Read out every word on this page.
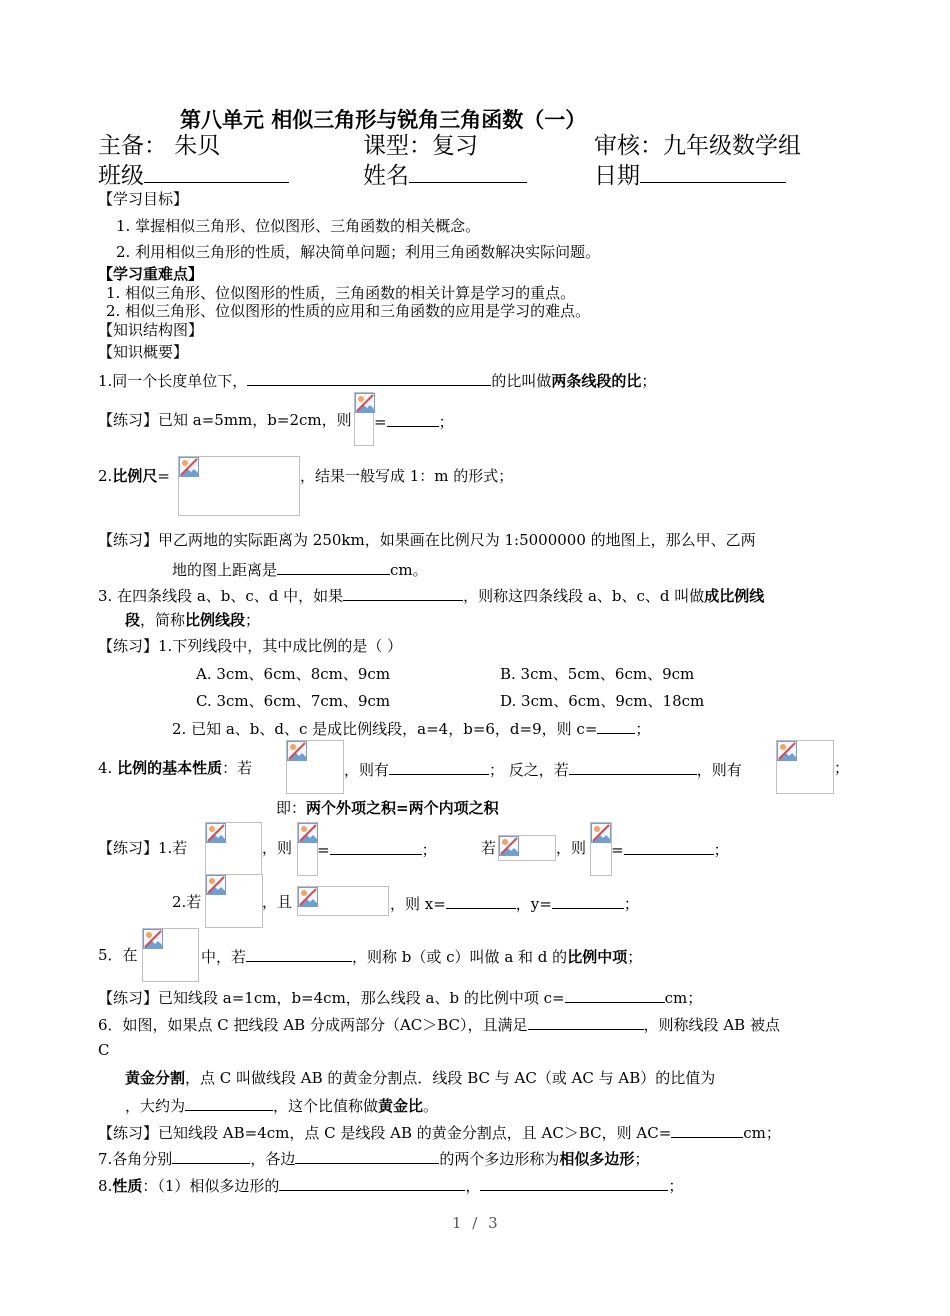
第八单元 相似三角形与锐角三角函数（一）
主备： 朱贝	课型：复习	审核：九年级数学组
班级	姓名	日期
【学习目标】
1. 掌握相似三角形、位似图形、三角函数的相关概念。
2. 利用相似三角形的性质，解决简单问题；利用三角函数解决实际问题。
【学习重难点】
1. 相似三角形、位似图形的性质，三角函数的相关计算是学习的重点。
2. 相似三角形、位似图形的性质的应用和三角函数的应用是学习的难点。
【知识结构图】
【知识概要】
1.同一个长度单位下，	的比叫做两条线段的比；
【练习】已知 a=5mm，b=2cm，则 =	；
2.比例尺=	，结果一般写成 1：m 的形式；
【练习】甲乙两地的实际距离为 250km，如果画在比例尺为 1:5000000 的地图上，那么甲、乙两
地的图上距离是	cm。
3. 在四条线段 a、b、c、d 中，如果	，则称这四条线段 a、b、c、d 叫做成比例线
段，简称比例线段；
【练习】1.下列线段中，其中成比例的是（ ）
A. 3cm、6cm、8cm、9cm	B. 3cm、5cm、6cm、9cm
C. 3cm、6cm、7cm、9cm	D. 3cm、6cm、9cm、18cm
2. 已知 a、b、d、c 是成比例线段，a=4，b=6，d=9，则 c=	；
4. 比例的基本性质：若	，则有	； 反之，若	，则有	；
即：两个外项之积=两个内项之积
【练习】1.若	，则 =	；	若	，则 =	；
2.若	，且	，则 x=	，y=	；
5．在	中，若	，则称 b（或 c）叫做 a 和 d 的比例中项；
【练习】已知线段 a=1cm，b=4cm，那么线段 a、b 的比例中项 c=	cm；
6．如图，如果点 C 把线段 AB 分成两部分（AC＞BC），且满足	，则称线段 AB 被点
C
黄金分割，点 C 叫做线段 AB 的黄金分割点．线段 BC 与 AC（或 AC 与 AB）的比值为
，大约为	，这个比值称做黄金比。
【练习】已知线段 AB=4cm，点 C 是线段 AB 的黄金分割点，且 AC＞BC，则 AC=	cm；
7.各角分别	，各边	的两个多边形称为相似多边形；
8.性质：（1）相似多边形的	，	；
1 / 3
